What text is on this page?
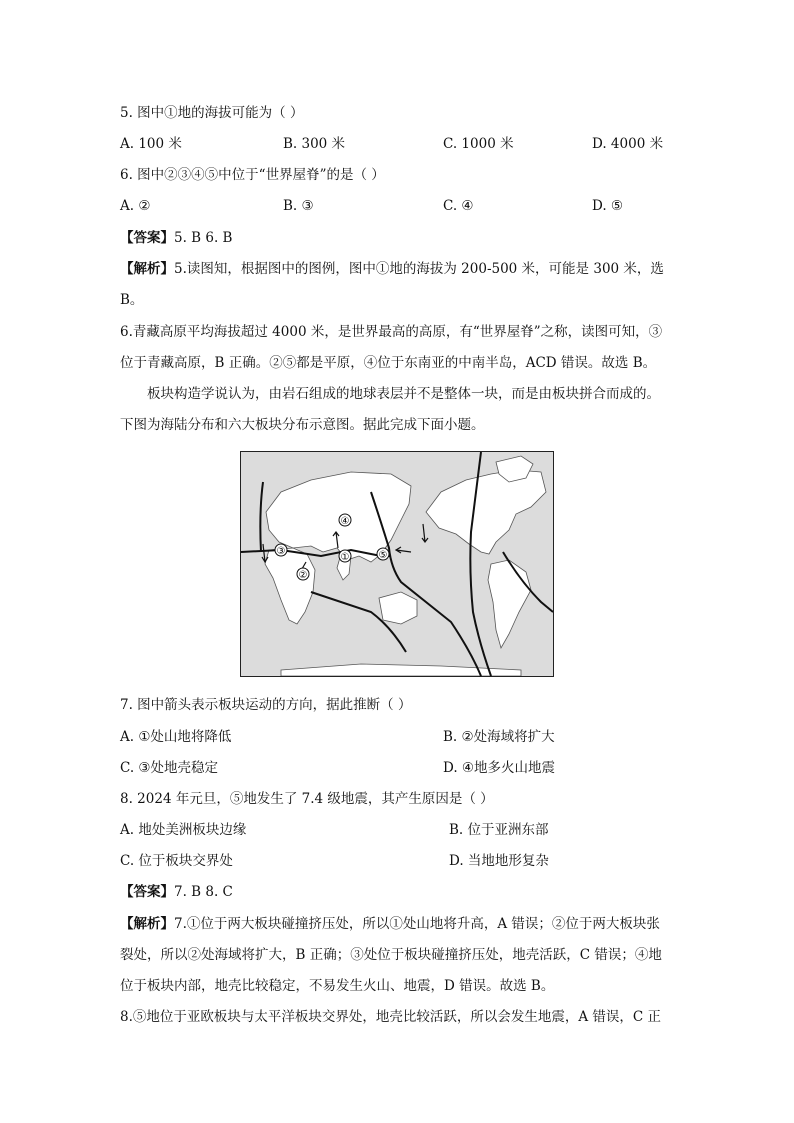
5. 图中①地的海拔可能为（ ）
A. 100 米	B. 300 米	C. 1000 米	D. 4000 米
6. 图中②③④⑤中位于“世界屋脊”的是（ ）
A. ②	B. ③	C. ④	D. ⑤
【答案】5. B 6. B
【解析】5.读图知，根据图中的图例，图中①地的海拔为 200-500 米，可能是 300 米，选
B。
6.青藏高原平均海拔超过 4000 米，是世界最高的高原，有“世界屋脊”之称，读图可知，③
位于青藏高原，B 正确。②⑤都是平原，④位于东南亚的中南半岛，ACD 错误。故选 B。
板块构造学说认为，由岩石组成的地球表层并不是整体一块，而是由板块拼合而成的。
下图为海陆分布和六大板块分布示意图。据此完成下面小题。
①
②
③
④
⑤
7. 图中箭头表示板块运动的方向，据此推断（ ）
A. ①处山地将降低	B. ②处海域将扩大
C. ③处地壳稳定	D. ④地多火山地震
8. 2024 年元旦，⑤地发生了 7.4 级地震，其产生原因是（ ）
A. 地处美洲板块边缘	B. 位于亚洲东部
C. 位于板块交界处	D. 当地地形复杂
【答案】7. B 8. C
【解析】7.①位于两大板块碰撞挤压处，所以①处山地将升高，A 错误；②位于两大板块张
裂处，所以②处海域将扩大，B 正确；③处位于板块碰撞挤压处，地壳活跃，C 错误；④地
位于板块内部，地壳比较稳定，不易发生火山、地震，D 错误。故选 B。
8.⑤地位于亚欧板块与太平洋板块交界处，地壳比较活跃，所以会发生地震，A 错误，C 正
